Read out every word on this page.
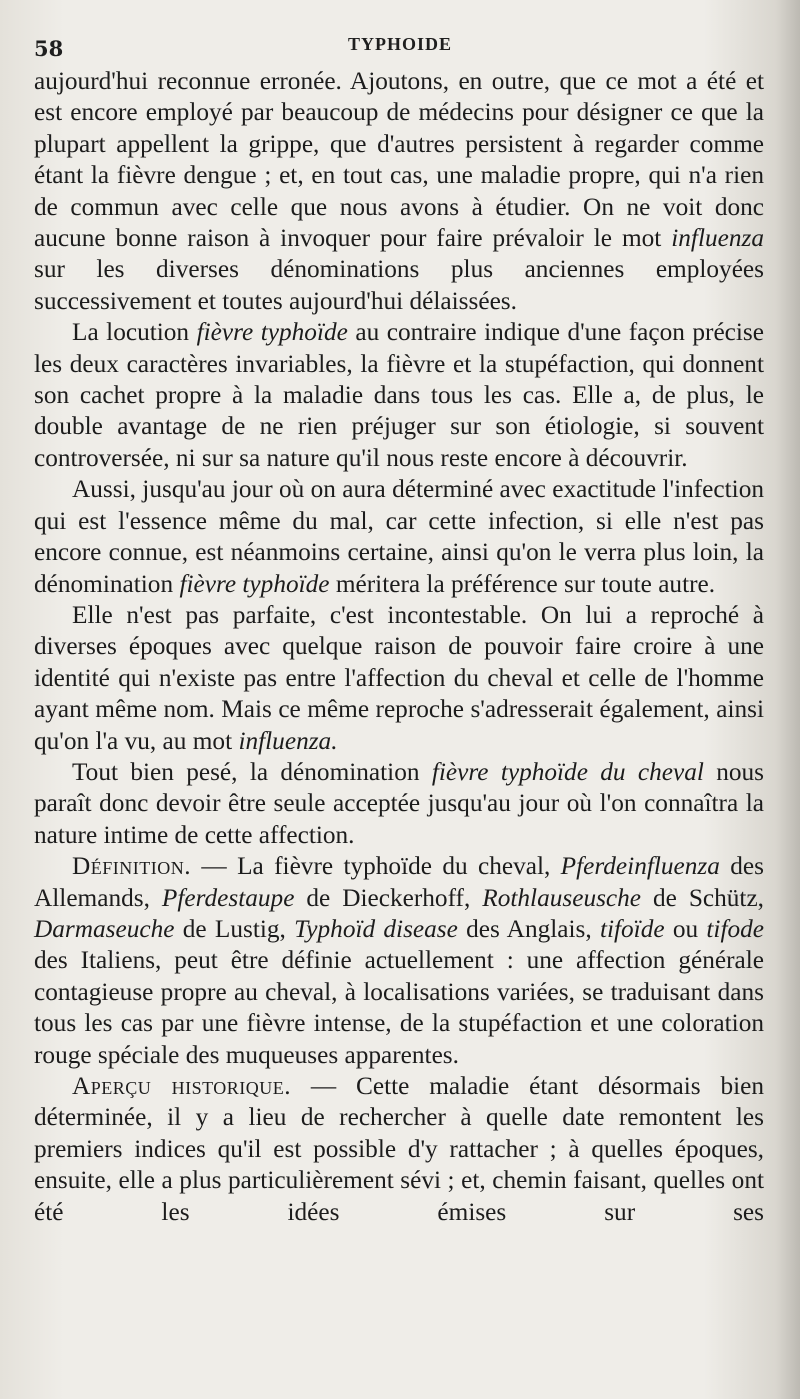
58	TYPHOIDE

aujourd'hui reconnue erronée. Ajoutons, en outre, que ce mot a été et est encore employé par beaucoup de médecins pour désigner ce que la plupart appellent la grippe, que d'autres persistent à regarder comme étant la fièvre dengue ; et, en tout cas, une maladie propre, qui n'a rien de commun avec celle que nous avons à étudier. On ne voit donc aucune bonne raison à invoquer pour faire prévaloir le mot influenza sur les diverses dénominations plus anciennes employées successivement et toutes aujourd'hui délaissées.

La locution fièvre typhoïde au contraire indique d'une façon précise les deux caractères invariables, la fièvre et la stupéfaction, qui donnent son cachet propre à la maladie dans tous les cas. Elle a, de plus, le double avantage de ne rien préjuger sur son étiologie, si souvent controversée, ni sur sa nature qu'il nous reste encore à découvrir.

Aussi, jusqu'au jour où on aura déterminé avec exactitude l'infection qui est l'essence même du mal, car cette infection, si elle n'est pas encore connue, est néanmoins certaine, ainsi qu'on le verra plus loin, la dénomination fièvre typhoïde méritera la préférence sur toute autre.

Elle n'est pas parfaite, c'est incontestable. On lui a reproché à diverses époques avec quelque raison de pouvoir faire croire à une identité qui n'existe pas entre l'affection du cheval et celle de l'homme ayant même nom. Mais ce même reproche s'adresserait également, ainsi qu'on l'a vu, au mot influenza.

Tout bien pesé, la dénomination fièvre typhoïde du cheval nous paraît donc devoir être seule acceptée jusqu'au jour où l'on connaîtra la nature intime de cette affection.

Définition. — La fièvre typhoïde du cheval, Pferdeinfluenza des Allemands, Pferdestaupe de Dieckerhoff, Rothlauseusche de Schütz, Darmaseuche de Lustig, Typhoïd disease des Anglais, tifoïde ou tifode des Italiens, peut être définie actuellement : une affection générale contagieuse propre au cheval, à localisations variées, se traduisant dans tous les cas par une fièvre intense, de la stupéfaction et une coloration rouge spéciale des muqueuses apparentes.

Aperçu historique. — Cette maladie étant désormais bien déterminée, il y a lieu de rechercher à quelle date remontent les premiers indices qu'il est possible d'y rattacher ; à quelles époques, ensuite, elle a plus particulièrement sévi ; et, chemin faisant, quelles ont été les idées émises sur ses
